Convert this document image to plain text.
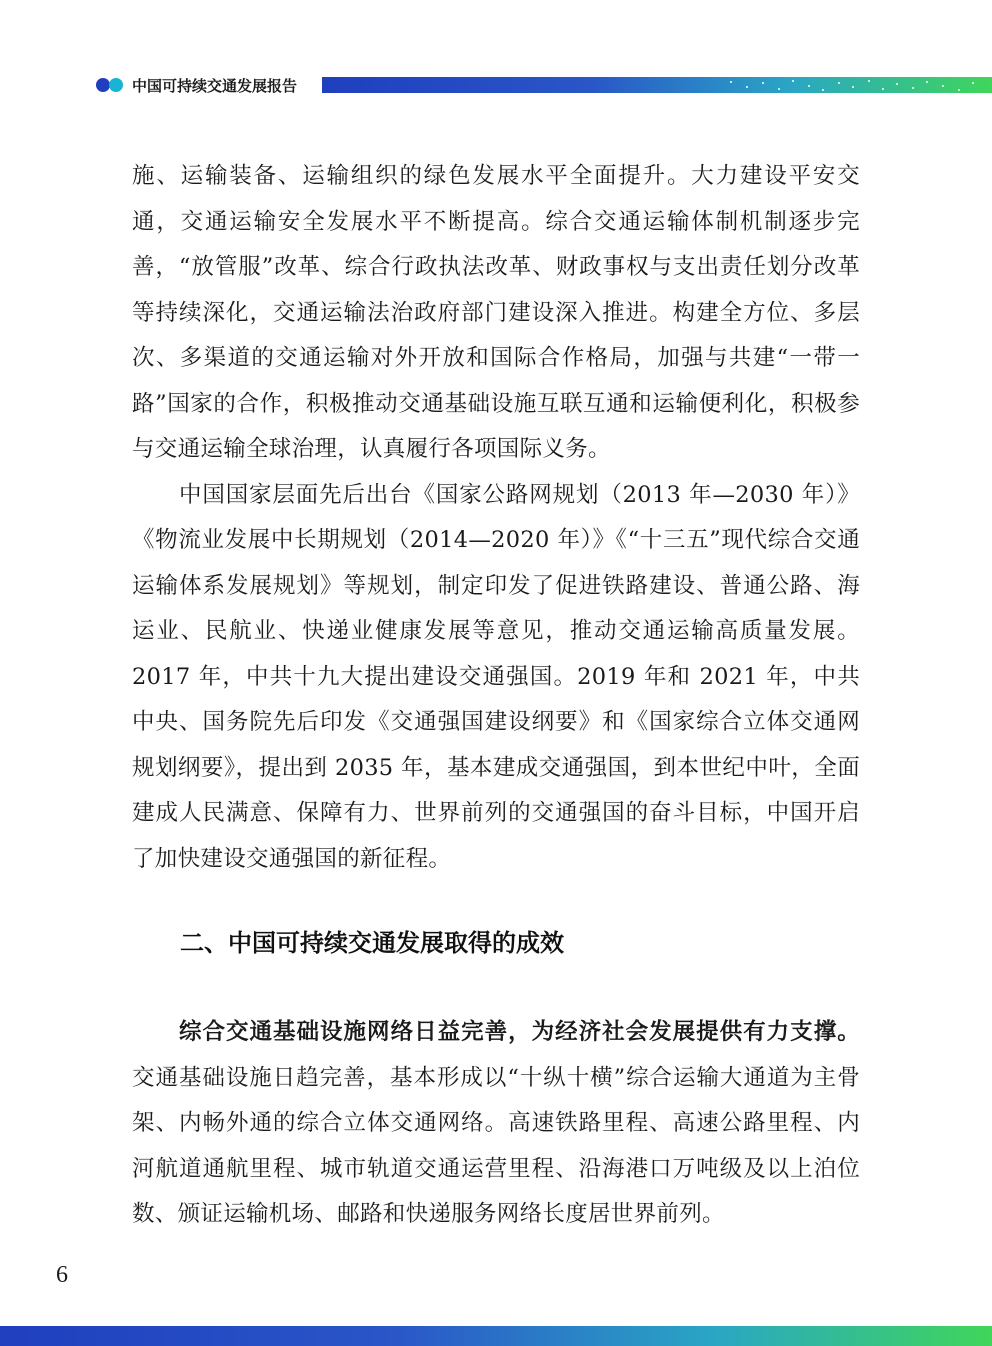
中国可持续交通发展报告

施、运输装备、运输组织的绿色发展水平全面提升。大力建设平安交通，交通运输安全发展水平不断提高。综合交通运输体制机制逐步完善，“放管服”改革、综合行政执法改革、财政事权与支出责任划分改革等持续深化，交通运输法治政府部门建设深入推进。构建全方位、多层次、多渠道的交通运输对外开放和国际合作格局，加强与共建“一带一路”国家的合作，积极推动交通基础设施互联互通和运输便利化，积极参与交通运输全球治理，认真履行各项国际义务。

中国国家层面先后出台《国家公路网规划（2013 年—2030 年）》《物流业发展中长期规划（2014—2020 年）》《“十三五”现代综合交通运输体系发展规划》等规划，制定印发了促进铁路建设、普通公路、海运业、民航业、快递业健康发展等意见，推动交通运输高质量发展。2017 年，中共十九大提出建设交通强国。2019 年和 2021 年，中共中央、国务院先后印发《交通强国建设纲要》和《国家综合立体交通网规划纲要》，提出到 2035 年，基本建成交通强国，到本世纪中叶，全面建成人民满意、保障有力、世界前列的交通强国的奋斗目标，中国开启了加快建设交通强国的新征程。

二、中国可持续交通发展取得的成效

综合交通基础设施网络日益完善，为经济社会发展提供有力支撑。交通基础设施日趋完善，基本形成以“十纵十横”综合运输大通道为主骨架、内畅外通的综合立体交通网络。高速铁路里程、高速公路里程、内河航道通航里程、城市轨道交通运营里程、沿海港口万吨级及以上泊位数、颁证运输机场、邮路和快递服务网络长度居世界前列。

6
